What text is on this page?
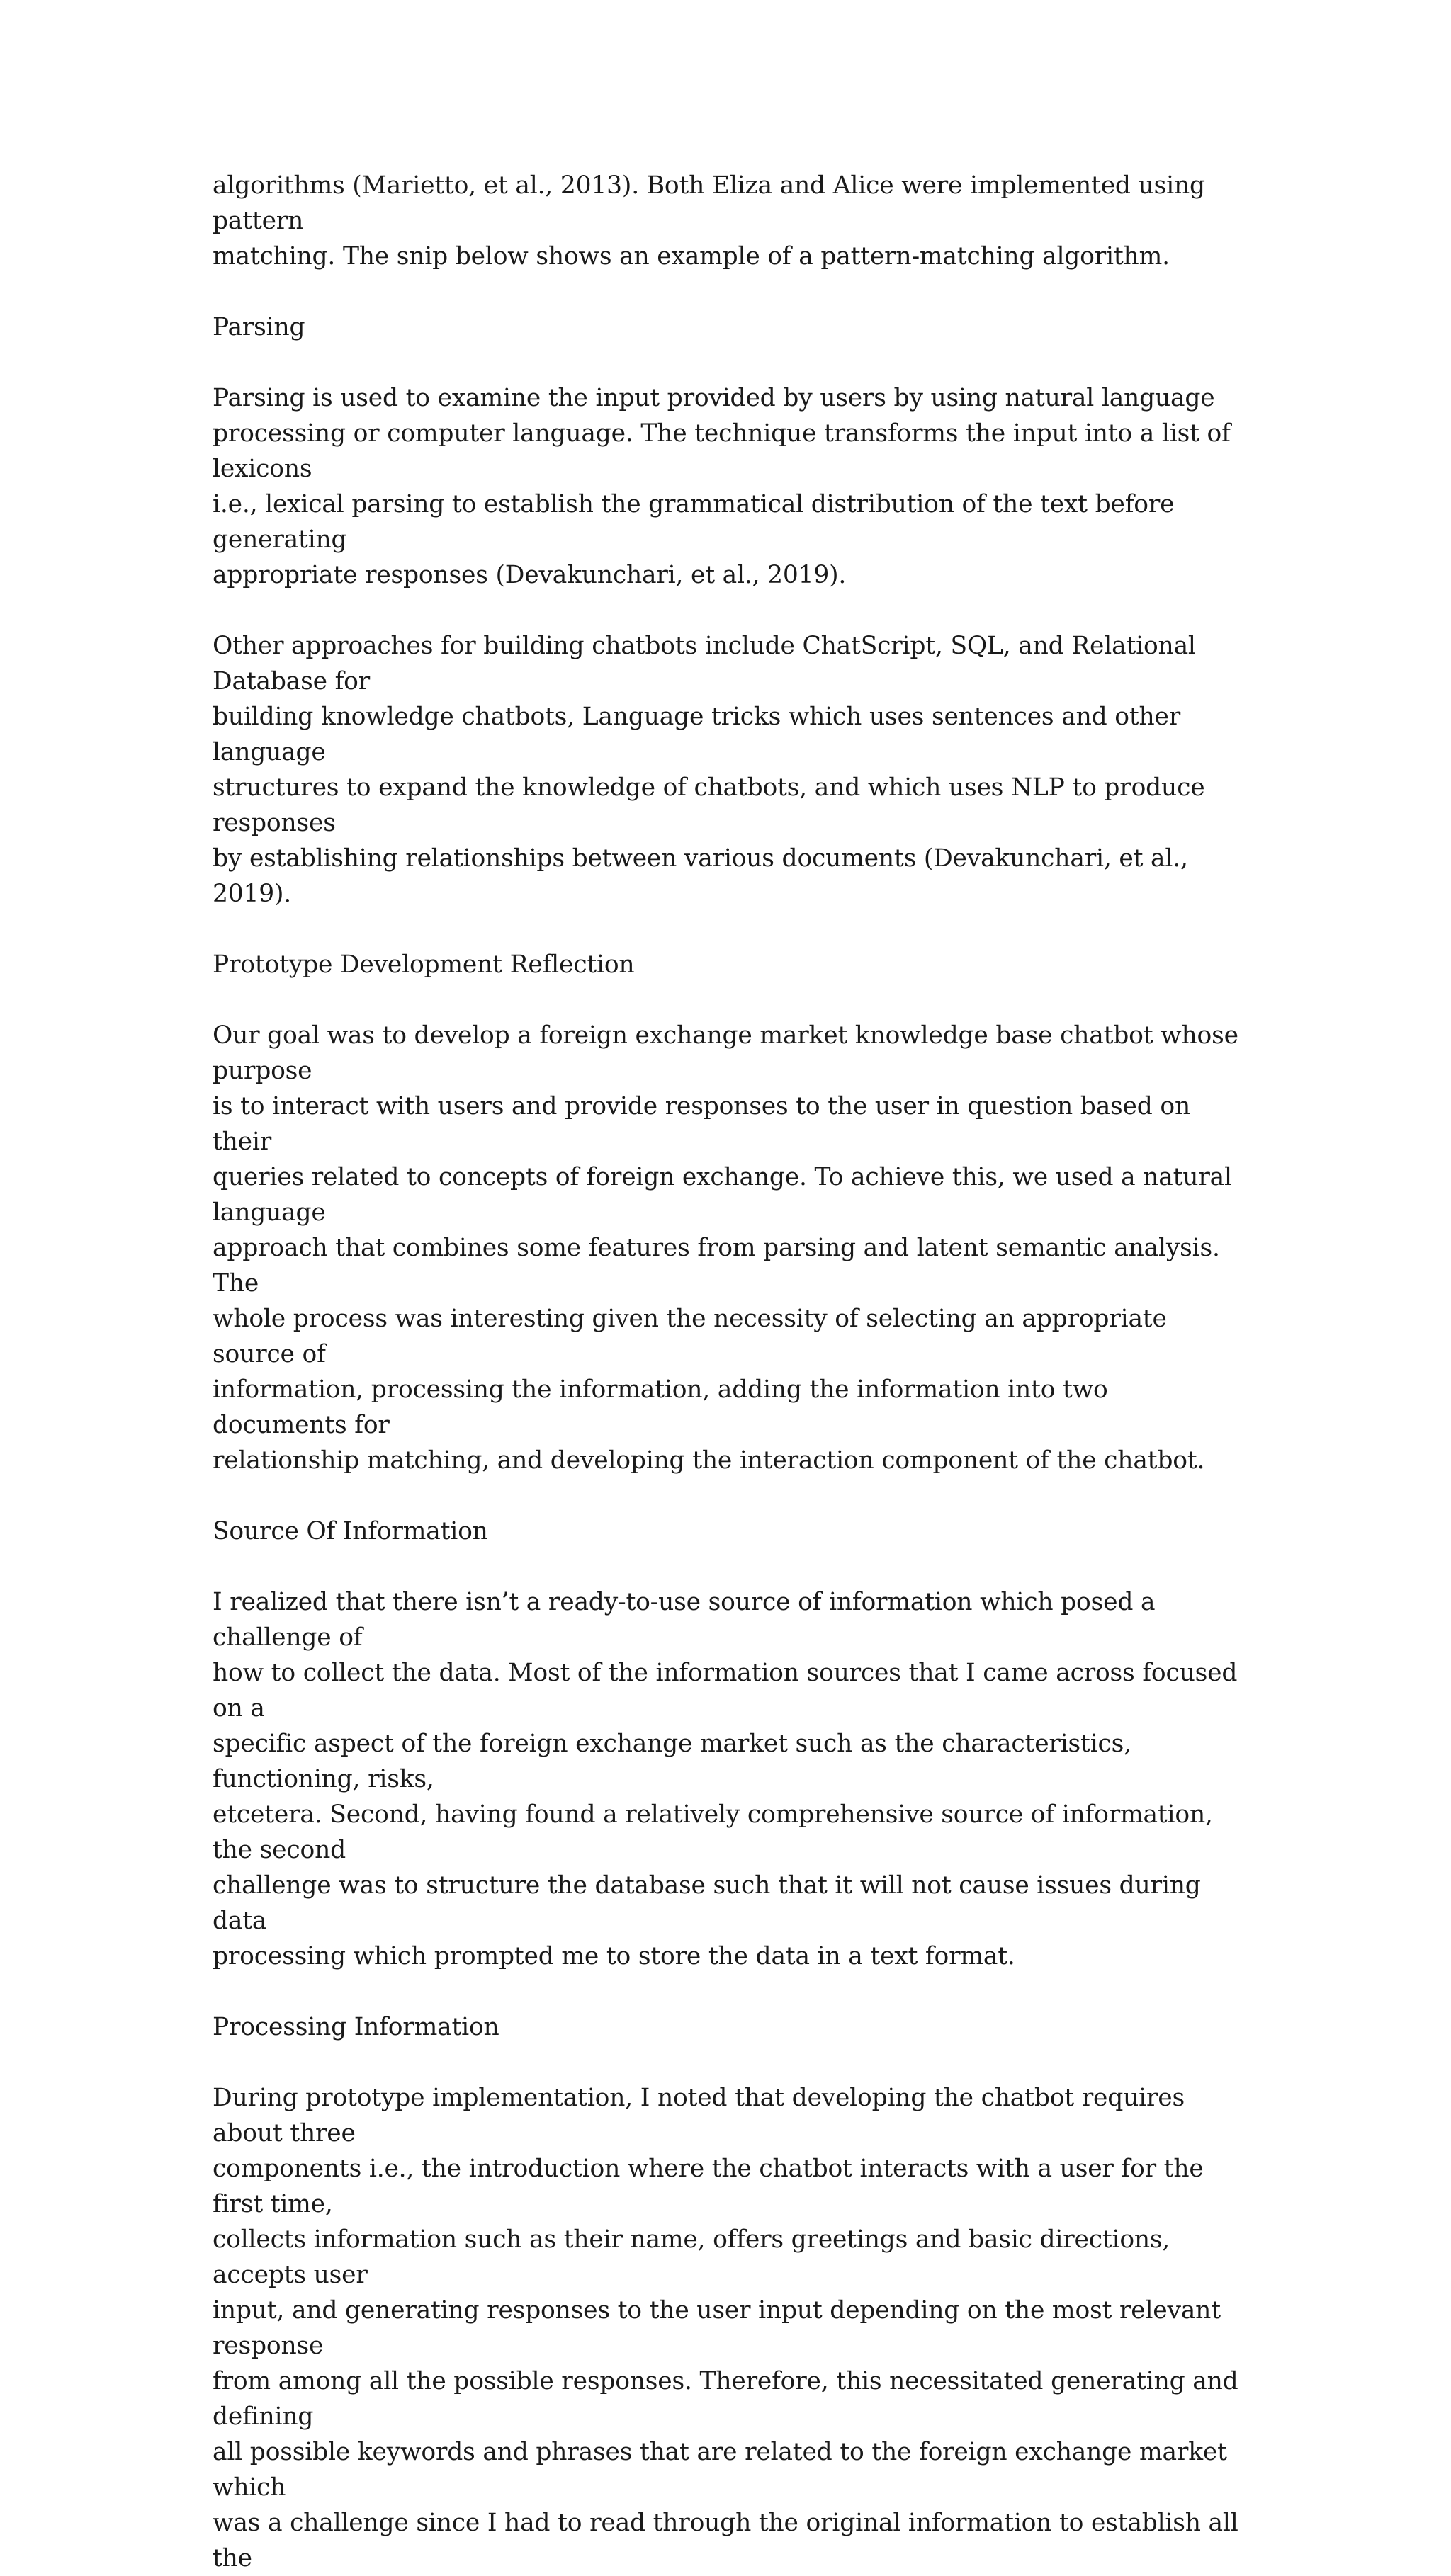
algorithms (Marietto, et al., 2013). Both Eliza and Alice were implemented using pattern
matching. The snip below shows an example of a pattern-matching algorithm.

Parsing

Parsing is used to examine the input provided by users by using natural language
processing or computer language. The technique transforms the input into a list of lexicons
i.e., lexical parsing to establish the grammatical distribution of the text before generating
appropriate responses (Devakunchari, et al., 2019).

Other approaches for building chatbots include ChatScript, SQL, and Relational Database for
building knowledge chatbots, Language tricks which uses sentences and other language
structures to expand the knowledge of chatbots, and which uses NLP to produce responses
by establishing relationships between various documents (Devakunchari, et al., 2019).

Prototype Development Reflection

Our goal was to develop a foreign exchange market knowledge base chatbot whose purpose
is to interact with users and provide responses to the user in question based on their
queries related to concepts of foreign exchange. To achieve this, we used a natural language
approach that combines some features from parsing and latent semantic analysis. The
whole process was interesting given the necessity of selecting an appropriate source of
information, processing the information, adding the information into two documents for
relationship matching, and developing the interaction component of the chatbot.

Source Of Information

I realized that there isn’t a ready-to-use source of information which posed a challenge of
how to collect the data. Most of the information sources that I came across focused on a
specific aspect of the foreign exchange market such as the characteristics, functioning, risks,
etcetera. Second, having found a relatively comprehensive source of information, the second
challenge was to structure the database such that it will not cause issues during data
processing which prompted me to store the data in a text format.

Processing Information

During prototype implementation, I noted that developing the chatbot requires about three
components i.e., the introduction where the chatbot interacts with a user for the first time,
collects information such as their name, offers greetings and basic directions, accepts user
input, and generating responses to the user input depending on the most relevant response
from among all the possible responses. Therefore, this necessitated generating and defining
all possible keywords and phrases that are related to the foreign exchange market which
was a challenge since I had to read through the original information to establish all the
